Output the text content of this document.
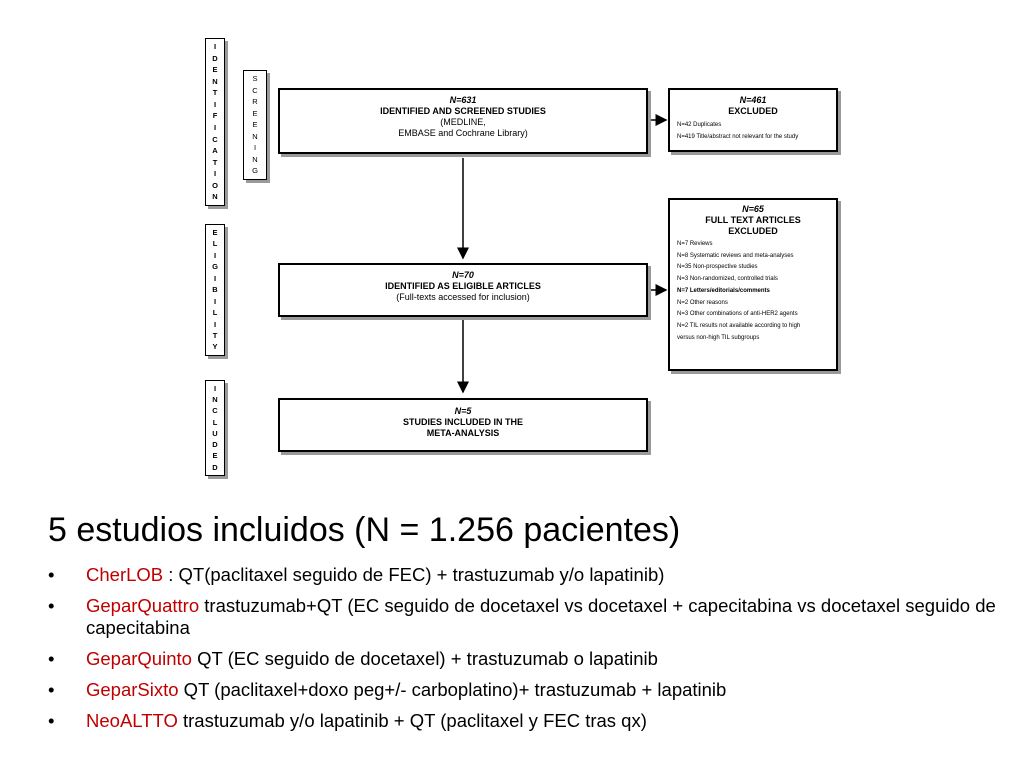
I
D
E
N
T
I
F
I
C
A
T
I
O
N
S
C
R
E
E
N
I
N
G
E
L
I
G
I
B
I
L
I
T
Y
I
N
C
L
U
D
E
D
N=631
IDENTIFIED AND SCREENED STUDIES
(MEDLINE,
EMBASE and Cochrane Library)
N=461
EXCLUDED
N=42 Duplicates
N=419 Title/abstract not relevant for the study
N=70
IDENTIFIED AS ELIGIBLE ARTICLES
(Full-texts accessed for inclusion)
N=65
FULL TEXT ARTICLES
EXCLUDED
N=7 Reviews
N=8 Systematic reviews and meta-analyses
N=35 Non-prospective studies
N=3 Non-randomized, controlled trials
N=7 Letters/editorials/comments
N=2 Other reasons
N=3 Other combinations of anti-HER2 agents
N=2 TIL results not available according to high
versus non-high TIL subgroups
N=5
STUDIES INCLUDED IN THE
META-ANALYSIS
5 estudios incluidos (N = 1.256 pacientes)
• CherLOB : QT(paclitaxel seguido de FEC) + trastuzumab y/o lapatinib)
• GeparQuattro trastuzumab+QT (EC seguido de docetaxel vs docetaxel + capecitabina vs docetaxel seguido de capecitabina
• GeparQuinto QT (EC seguido de docetaxel) + trastuzumab o lapatinib
• GeparSixto QT (paclitaxel+doxo peg+/- carboplatino)+ trastuzumab + lapatinib
• NeoALTTO trastuzumab y/o lapatinib + QT (paclitaxel y FEC tras qx)
